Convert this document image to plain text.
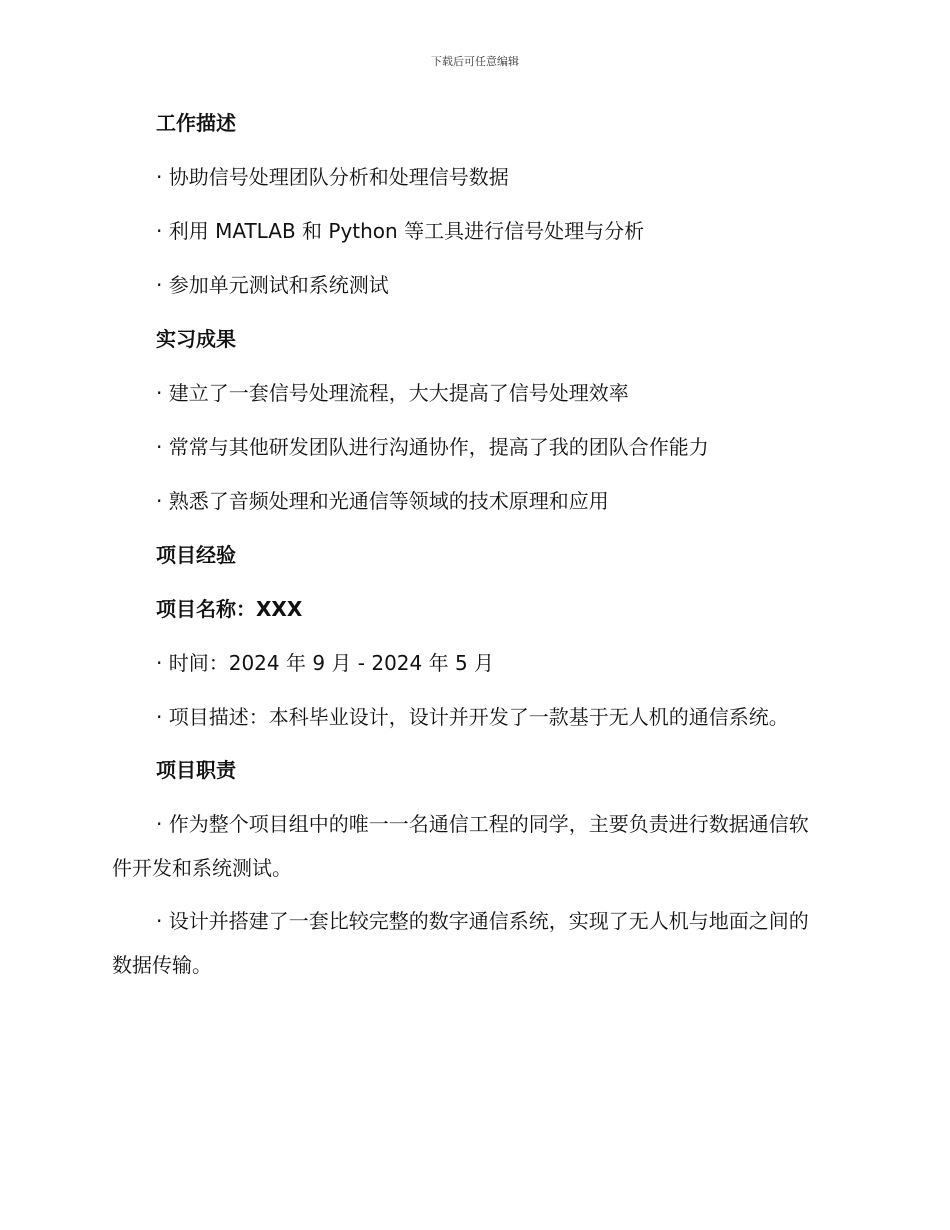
下载后可任意编辑
工作描述
· 协助信号处理团队分析和处理信号数据
· 利用 MATLAB 和 Python 等工具进行信号处理与分析
· 参加单元测试和系统测试
实习成果
· 建立了一套信号处理流程，大大提高了信号处理效率
· 常常与其他研发团队进行沟通协作，提高了我的团队合作能力
· 熟悉了音频处理和光通信等领域的技术原理和应用
项目经验
项目名称：XXX
· 时间：2024 年 9 月 - 2024 年 5 月
· 项目描述：本科毕业设计，设计并开发了一款基于无人机的通信系统。
项目职责
· 作为整个项目组中的唯一一名通信工程的同学，主要负责进行数据通信软件开发和系统测试。
· 设计并搭建了一套比较完整的数字通信系统，实现了无人机与地面之间的数据传输。
